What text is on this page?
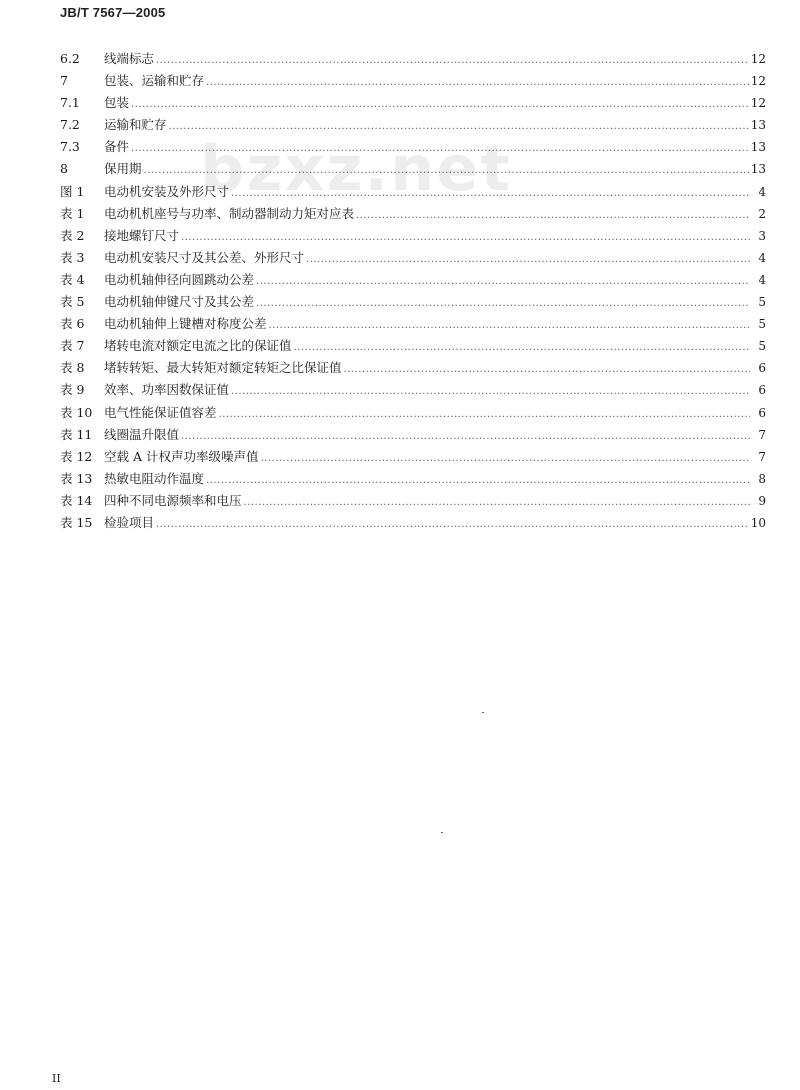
JB/T 7567—2005
bzxz.net
6.2	线端标志 .....	12
7	包装、运输和贮存 .....	12
7.1	包装 .....	12
7.2	运输和贮存 .....	13
7.3	备件 .....	13
8	保用期 .....	13
图 1	电动机安装及外形尺寸 .....	4
表 1	电动机机座号与功率、制动器制动力矩对应表 .....	2
表 2	接地螺钉尺寸 .....	3
表 3	电动机安装尺寸及其公差、外形尺寸 .....	4
表 4	电动机轴伸径向圆跳动公差 .....	4
表 5	电动机轴伸键尺寸及其公差 .....	5
表 6	电动机轴伸上键槽对称度公差 .....	5
表 7	堵转电流对额定电流之比的保证值 .....	5
表 8	堵转转矩、最大转矩对额定转矩之比保证值 .....	6
表 9	效率、功率因数保证值 .....	6
表 10 电气性能保证值容差 .....	6
表 11 线圈温升限值 .....	7
表 12 空载 A 计权声功率级噪声值 .....	7
表 13 热敏电阻动作温度 .....	8
表 14 四种不同电源频率和电压 .....	9
表 15 检验项目 .....	10
II
